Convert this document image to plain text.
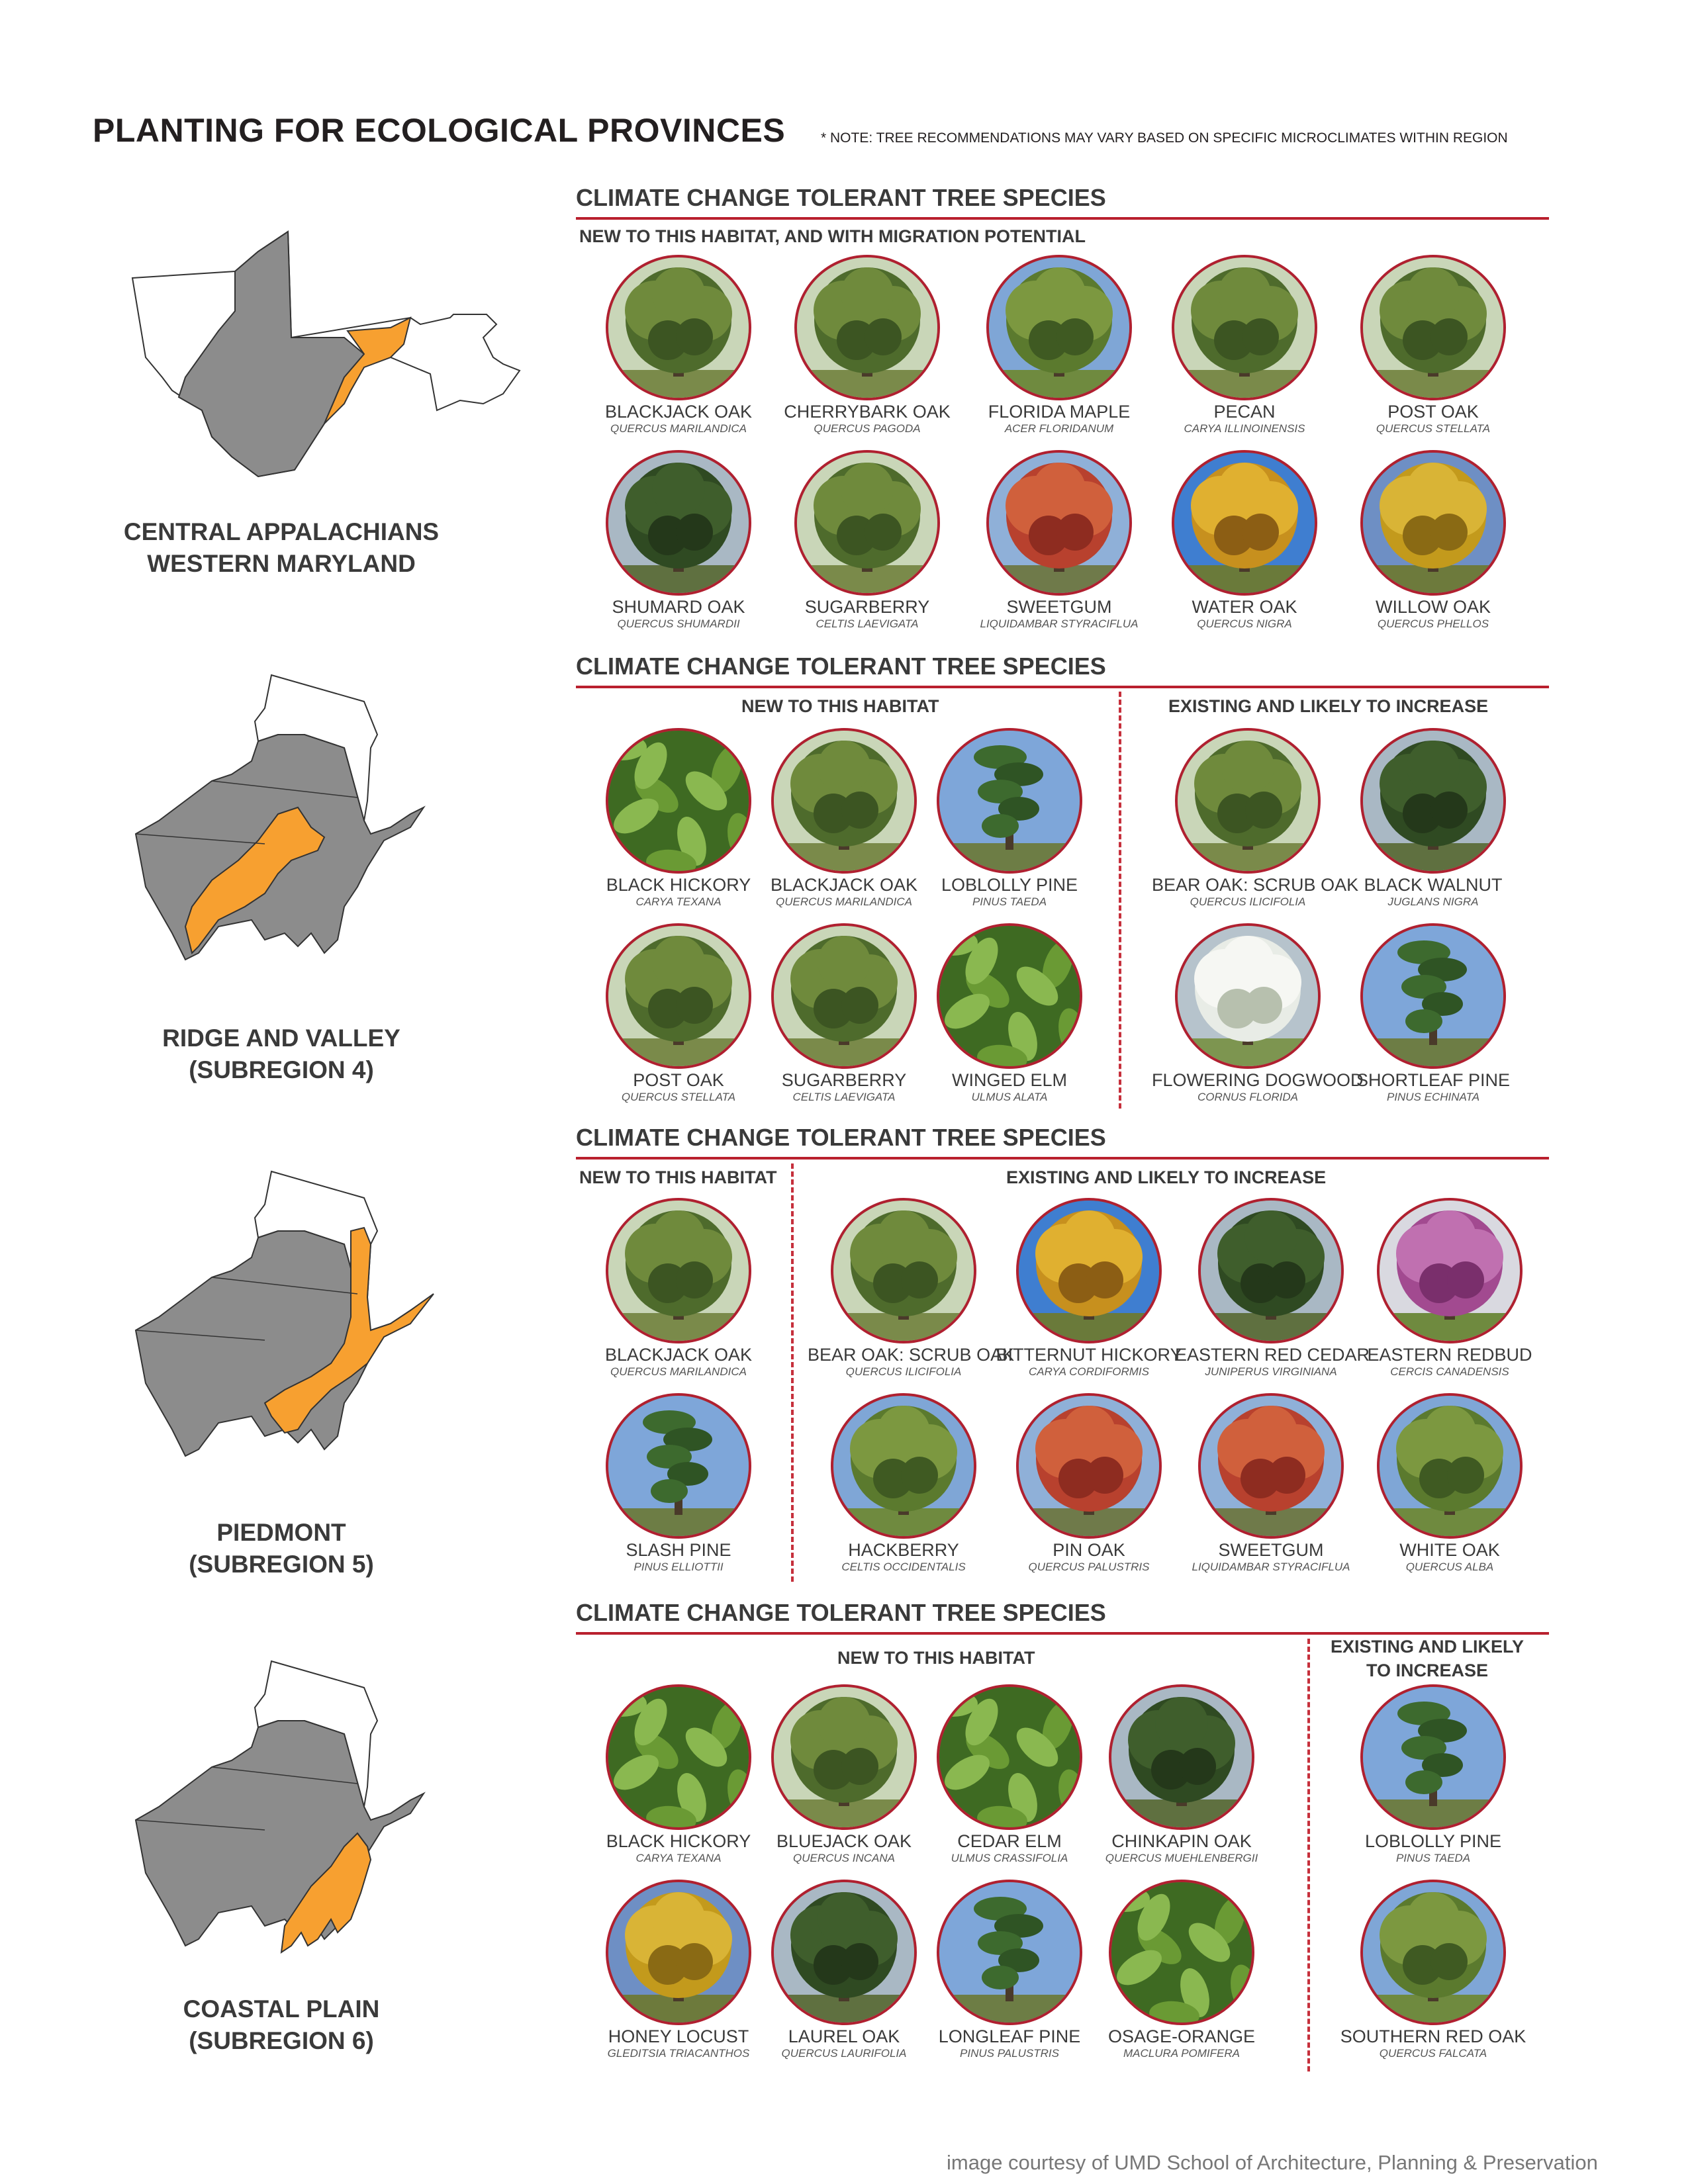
PLANTING FOR ECOLOGICAL PROVINCES	* NOTE: TREE RECOMMENDATIONS MAY VARY BASED ON SPECIFIC MICROCLIMATES WITHIN REGION
CLIMATE CHANGE TOLERANT TREE SPECIES
NEW TO THIS HABITAT, AND WITH MIGRATION POTENTIAL
CENTRAL APPALACHIANS
WESTERN MARYLAND
BLACKJACK OAK
QUERCUS MARILANDICA
CHERRYBARK OAK
QUERCUS PAGODA
FLORIDA MAPLE
ACER FLORIDANUM
PECAN
CARYA ILLINOINENSIS
POST OAK
QUERCUS STELLATA
SHUMARD OAK
QUERCUS SHUMARDII
SUGARBERRY
CELTIS LAEVIGATA
SWEETGUM
LIQUIDAMBAR STYRACIFLUA
WATER OAK
QUERCUS NIGRA
WILLOW OAK
QUERCUS PHELLOS
CLIMATE CHANGE TOLERANT TREE SPECIES
NEW TO THIS HABITAT	EXISTING AND LIKELY TO INCREASE
RIDGE AND VALLEY
(SUBREGION 4)
BLACK HICKORY
CARYA TEXANA
BLACKJACK OAK
QUERCUS MARILANDICA
LOBLOLLY PINE
PINUS TAEDA
POST OAK
QUERCUS STELLATA
SUGARBERRY
CELTIS LAEVIGATA
WINGED ELM
ULMUS ALATA
BEAR OAK: SCRUB OAK
QUERCUS ILICIFOLIA
BLACK WALNUT
JUGLANS NIGRA
FLOWERING DOGWOOD
CORNUS FLORIDA
SHORTLEAF PINE
PINUS ECHINATA
CLIMATE CHANGE TOLERANT TREE SPECIES
NEW TO THIS HABITAT	EXISTING AND LIKELY TO INCREASE
PIEDMONT
(SUBREGION 5)
BLACKJACK OAK
QUERCUS MARILANDICA
SLASH PINE
PINUS ELLIOTTII
BEAR OAK: SCRUB OAK
QUERCUS ILICIFOLIA
BITTERNUT HICKORY
CARYA CORDIFORMIS
EASTERN RED CEDAR
JUNIPERUS VIRGINIANA
EASTERN REDBUD
CERCIS CANADENSIS
HACKBERRY
CELTIS OCCIDENTALIS
PIN OAK
QUERCUS PALUSTRIS
SWEETGUM
LIQUIDAMBAR STYRACIFLUA
WHITE OAK
QUERCUS ALBA
CLIMATE CHANGE TOLERANT TREE SPECIES
NEW TO THIS HABITAT
EXISTING AND LIKELY
TO INCREASE
COASTAL PLAIN
(SUBREGION 6)
BLACK HICKORY
CARYA TEXANA
BLUEJACK OAK
QUERCUS INCANA
CEDAR ELM
ULMUS CRASSIFOLIA
CHINKAPIN OAK
QUERCUS MUEHLENBERGII
HONEY LOCUST
GLEDITSIA TRIACANTHOS
LAUREL OAK
QUERCUS LAURIFOLIA
LONGLEAF PINE
PINUS PALUSTRIS
OSAGE-ORANGE
MACLURA POMIFERA
LOBLOLLY PINE
PINUS TAEDA
SOUTHERN RED OAK
QUERCUS FALCATA
image courtesy of UMD School of Architecture, Planning & Preservation
